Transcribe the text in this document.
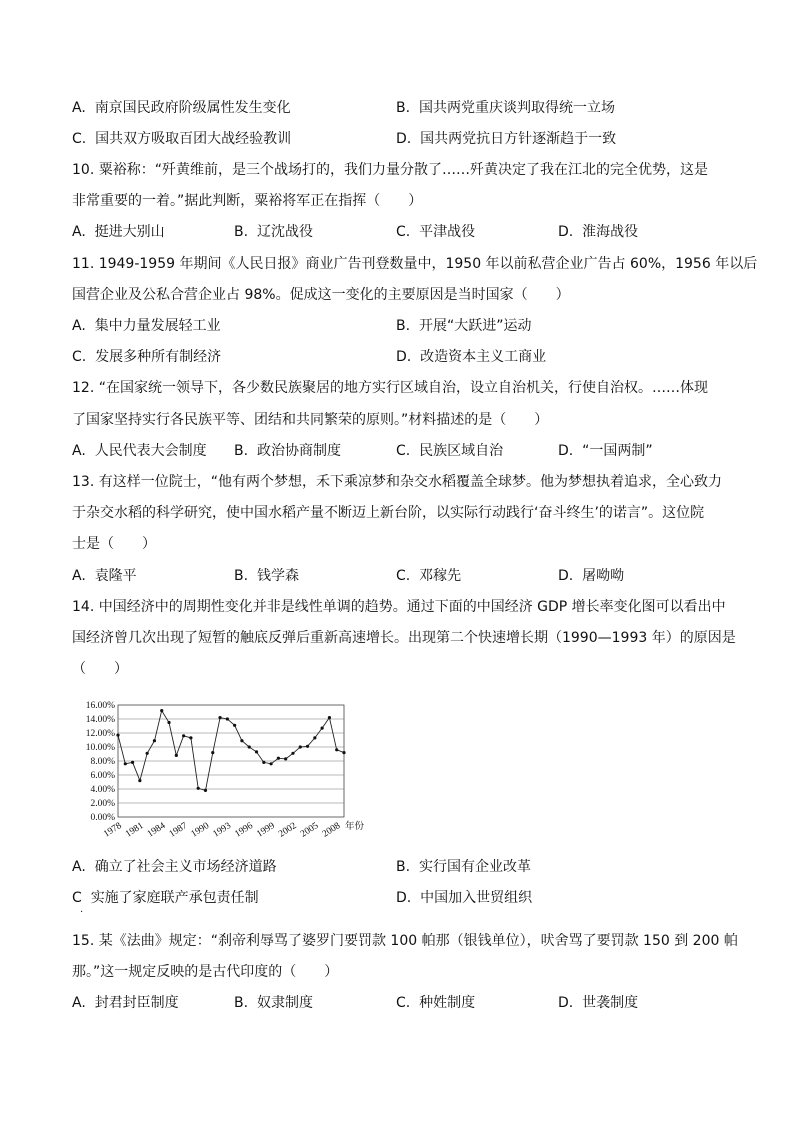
A. 南京国民政府阶级属性发生变化	B. 国共两党重庆谈判取得统一立场
C. 国共双方吸取百团大战经验教训	D. 国共两党抗日方针逐渐趋于一致
10. 粟裕称：“歼黄维前，是三个战场打的，我们力量分散了……歼黄决定了我在江北的完全优势，这是
非常重要的一着。”据此判断，粟裕将军正在指挥（　　）
A. 挺进大别山	B. 辽沈战役	C. 平津战役	D. 淮海战役
11. 1949-1959 年期间《人民日报》商业广告刊登数量中，1950 年以前私营企业广告占 60%，1956 年以后
国营企业及公私合营企业占 98%。促成这一变化的主要原因是当时国家（　　）
A. 集中力量发展轻工业	B. 开展“大跃进”运动
C. 发展多种所有制经济	D. 改造资本主义工商业
12. “在国家统一领导下，各少数民族聚居的地方实行区域自治，设立自治机关，行使自治权。……体现
了国家坚持实行各民族平等、团结和共同繁荣的原则。”材料描述的是（　　）
A. 人民代表大会制度 B. 政治协商制度	C. 民族区域自治	D. “一国两制”
13. 有这样一位院士，“他有两个梦想，禾下乘凉梦和杂交水稻覆盖全球梦。他为梦想执着追求，全心致力
于杂交水稻的科学研究，使中国水稻产量不断迈上新台阶，以实际行动践行‘奋斗终生’的诺言”。这位院
士是（　　）
A. 袁隆平	B. 钱学森	C. 邓稼先	D. 屠呦呦
14. 中国经济中的周期性变化并非是线性单调的趋势。通过下面的中国经济 GDP 增长率变化图可以看出中
国经济曾几次出现了短暂的触底反弹后重新高速增长。出现第二个快速增长期（1990—1993 年）的原因是
（　　）
0.00%
2.00%
4.00%
6.00%
8.00%
10.00%
12.00%
14.00%
16.00%
1978 1981 1984 1987 1990 1993 1996 1999 2002 2005 2008 年份
A. 确立了社会主义市场经济道路	B. 实行国有企业改革
C 实施了家庭联产承包责任制	D. 中国加入世贸组织
·
15. 某《法曲》规定：“刹帝利辱骂了婆罗门要罚款 100 帕那（银钱单位），吠舍骂了要罚款 150 到 200 帕
那。”这一规定反映的是古代印度的（　　）
A. 封君封臣制度	B. 奴隶制度	C. 种姓制度	D. 世袭制度
